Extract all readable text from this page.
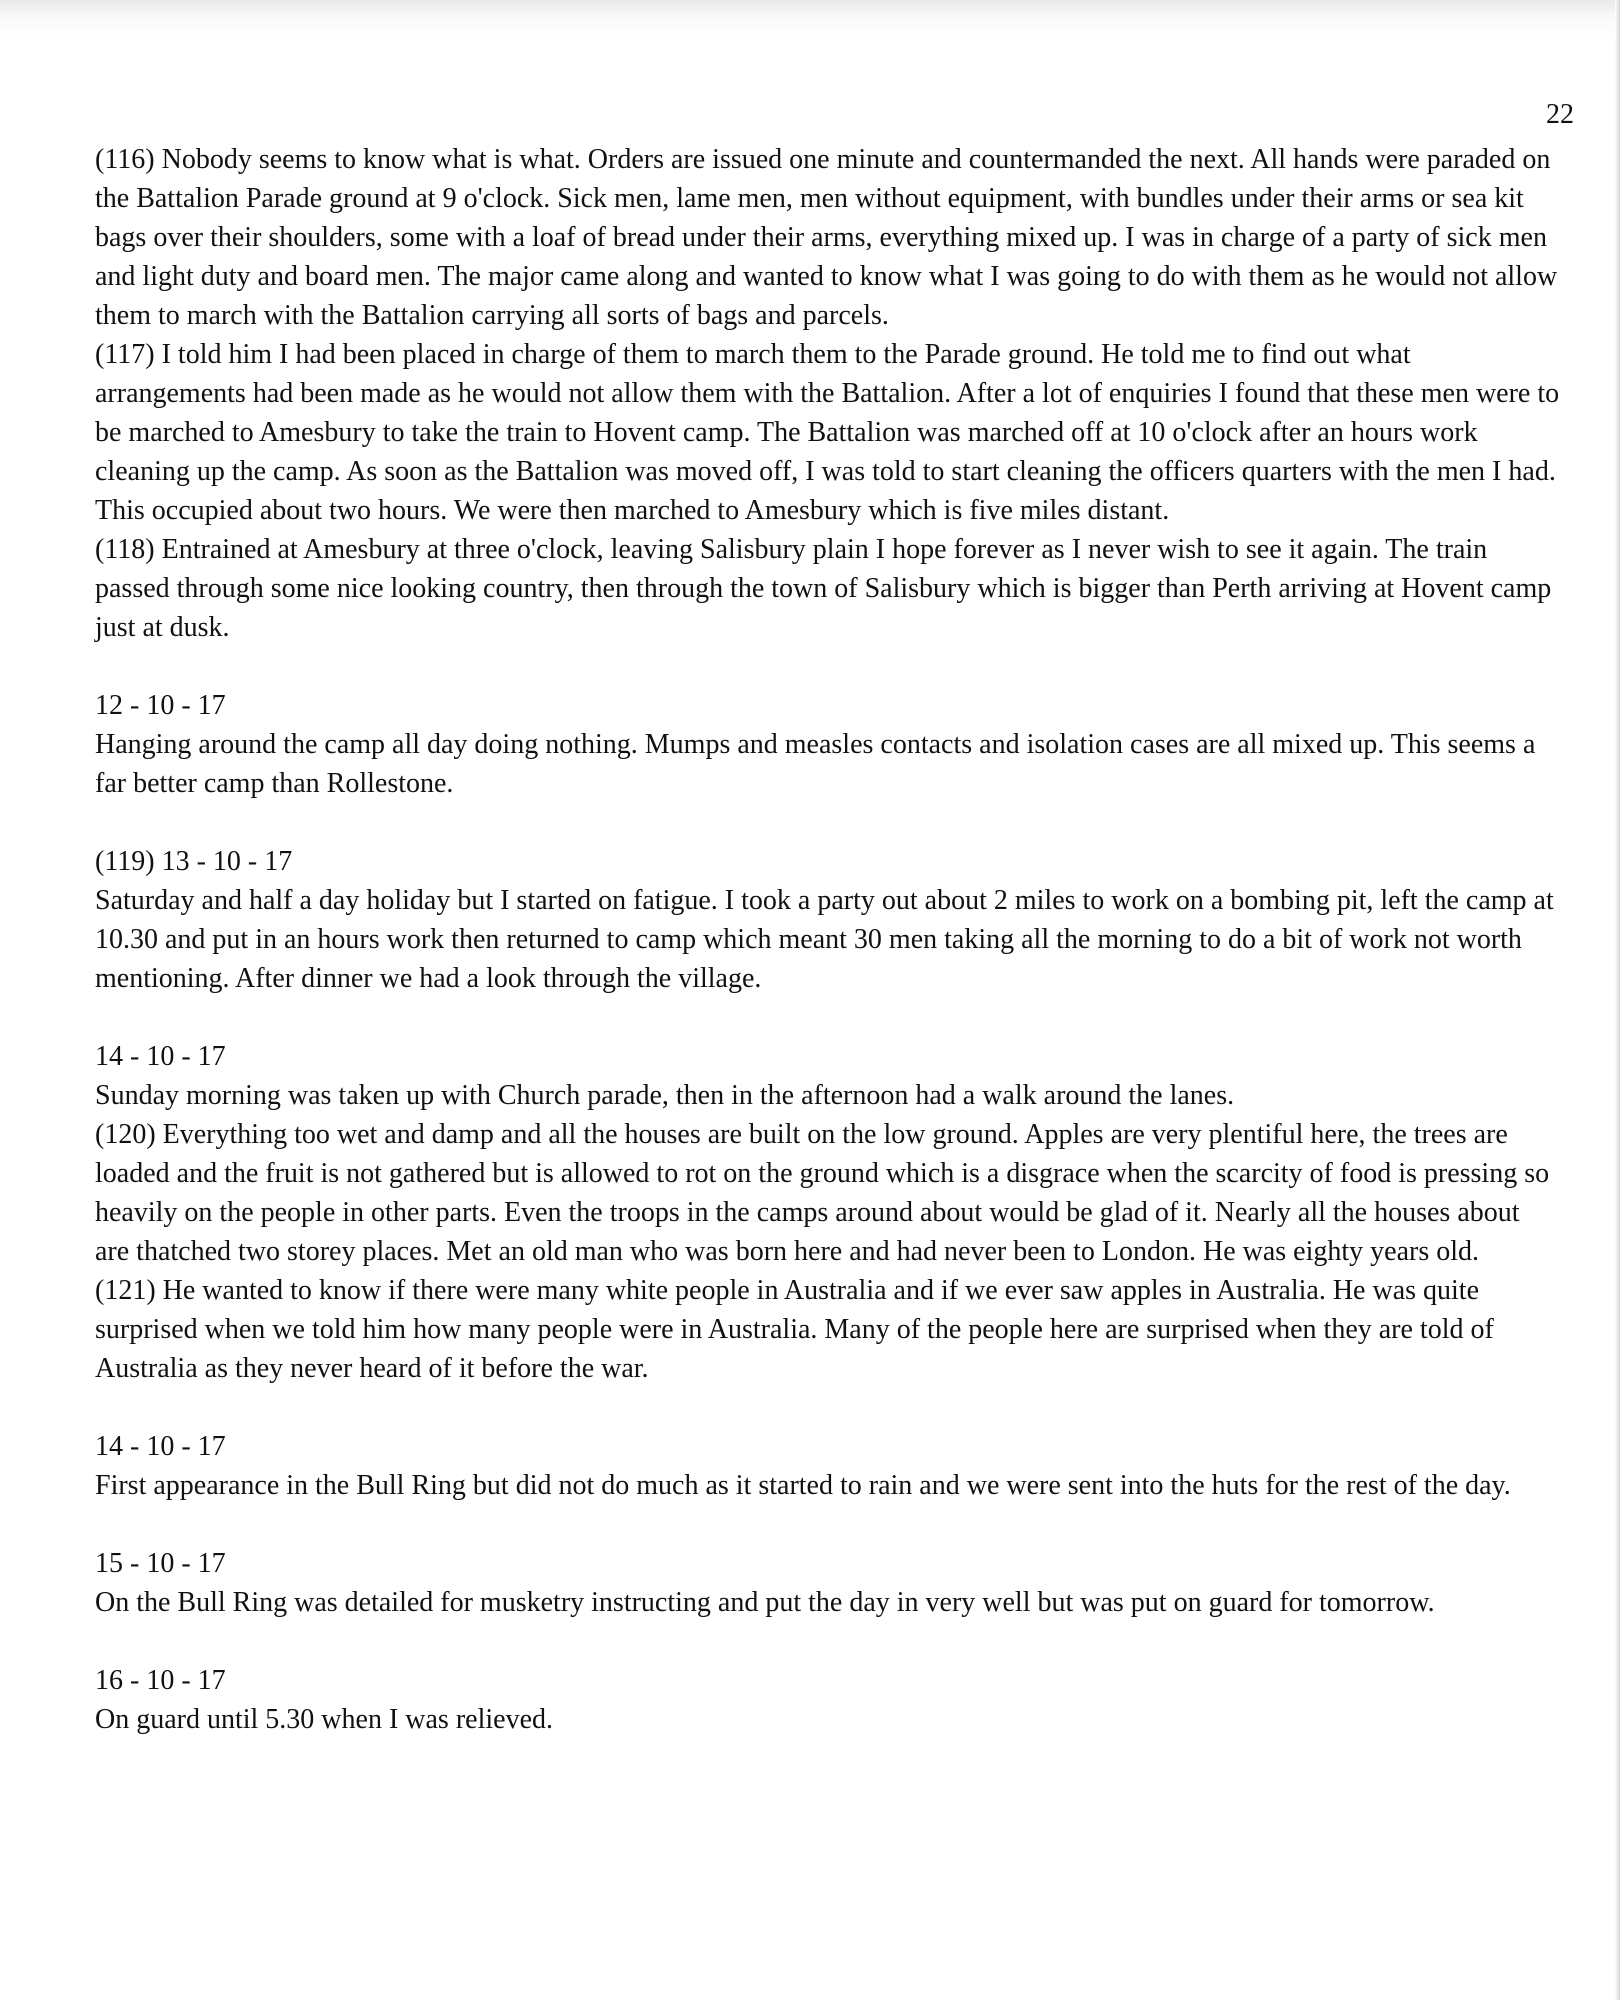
22

(116) Nobody seems to know what is what. Orders are issued one minute and countermanded the next. All hands were paraded on the Battalion Parade ground at 9 o'clock. Sick men, lame men, men without equipment, with bundles under their arms or sea kit bags over their shoulders, some with a loaf of bread under their arms, everything mixed up. I was in charge of a party of sick men and light duty and board men. The major came along and wanted to know what I was going to do with them as he would not allow them to march with the Battalion carrying all sorts of bags and parcels.

(117) I told him I had been placed in charge of them to march them to the Parade ground. He told me to find out what arrangements had been made as he would not allow them with the Battalion. After a lot of enquiries I found that these men were to be marched to Amesbury to take the train to Hovent camp. The Battalion was marched off at 10 o'clock after an hours work cleaning up the camp. As soon as the Battalion was moved off, I was told to start cleaning the officers quarters with the men I had. This occupied about two hours. We were then marched to Amesbury which is five miles distant.

(118) Entrained at Amesbury at three o'clock, leaving Salisbury plain I hope forever as I never wish to see it again. The train passed through some nice looking country, then through the town of Salisbury which is bigger than Perth arriving at Hovent camp just at dusk.

12 - 10 - 17

Hanging around the camp all day doing nothing. Mumps and measles contacts and isolation cases are all mixed up. This seems a far better camp than Rollestone.

(119) 13 - 10 - 17

Saturday and half a day holiday but I started on fatigue. I took a party out about 2 miles to work on a bombing pit, left the camp at 10.30 and put in an hours work then returned to camp which meant 30 men taking all the morning to do a bit of work not worth mentioning. After dinner we had a look through the village.

14 - 10 - 17

Sunday morning was taken up with Church parade, then in the afternoon had a walk around the lanes.

(120) Everything too wet and damp and all the houses are built on the low ground. Apples are very plentiful here, the trees are loaded and the fruit is not gathered but is allowed to rot on the ground which is a disgrace when the scarcity of food is pressing so heavily on the people in other parts. Even the troops in the camps around about would be glad of it. Nearly all the houses about are thatched two storey places. Met an old man who was born here and had never been to London. He was eighty years old.

(121) He wanted to know if there were many white people in Australia and if we ever saw apples in Australia. He was quite surprised when we told him how many people were in Australia. Many of the people here are surprised when they are told of Australia as they never heard of it before the war.

14 - 10 - 17

First appearance in the Bull Ring but did not do much as it started to rain and we were sent into the huts for the rest of the day.

15 - 10 - 17

On the Bull Ring was detailed for musketry instructing and put the day in very well but was put on guard for tomorrow.

16 - 10 - 17

On guard until 5.30 when I was relieved.
